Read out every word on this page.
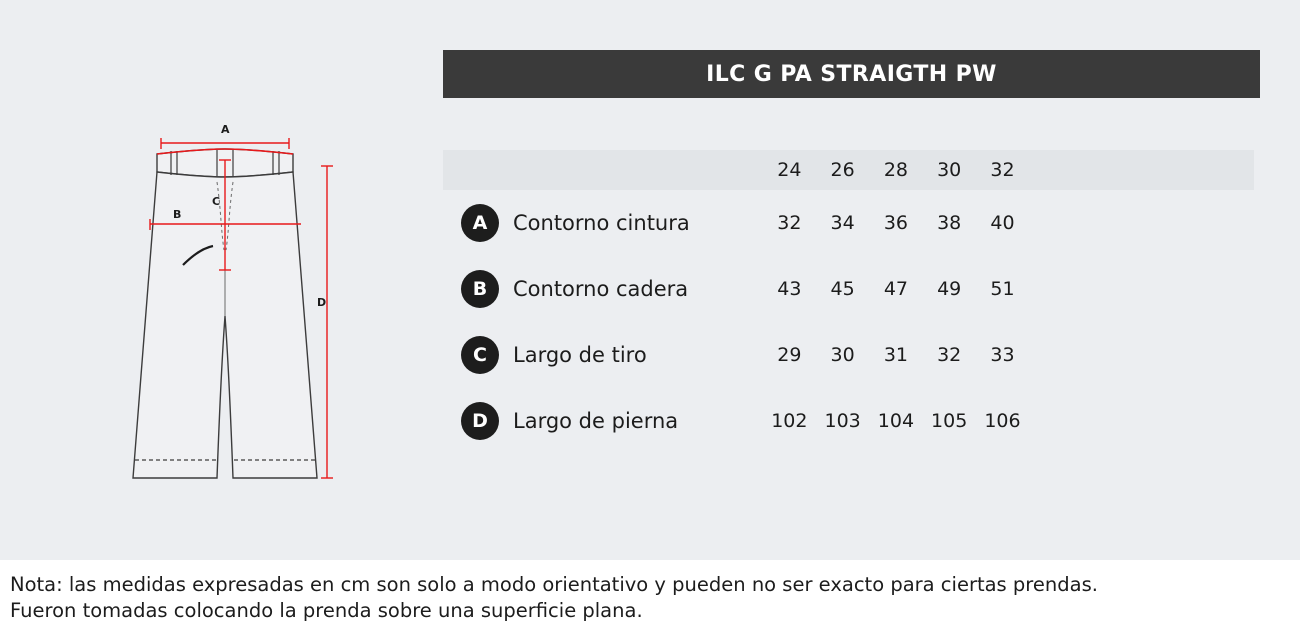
ILC G PA STRAIGTH PW
A
B
C
D
	24	26	28	30	32	

A Contorno cintura	32	34	36	38	40	

B Contorno cadera	43	45	47	49	51	

C Largo de tiro	29	30	31	32	33	

D Largo de pierna	102	103	104	105	106	
Nota: las medidas expresadas en cm son solo a modo orientativo y pueden no ser exacto para ciertas prendas.
Fueron tomadas colocando la prenda sobre una superficie plana.
